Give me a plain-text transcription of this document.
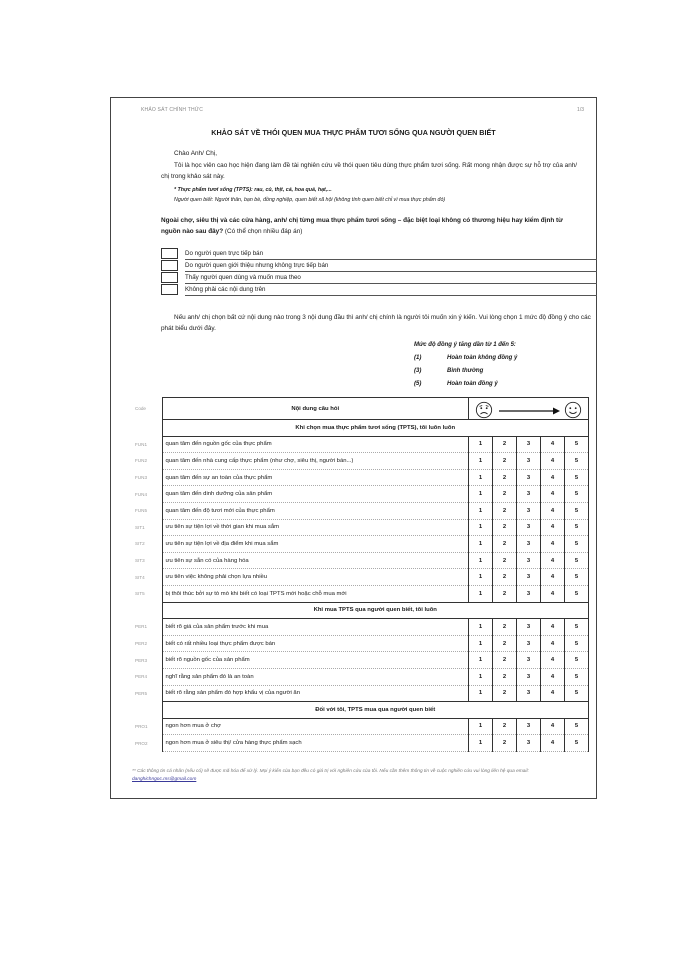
KHẢO SÁT CHÍNH THỨC	1/3
KHẢO SÁT VỀ THÓI QUEN MUA THỰC PHẨM TƯƠI SỐNG QUA NGƯỜI QUEN BIẾT
Chào Anh/ Chị,
Tôi là học viên cao học hiện đang làm đề tài nghiên cứu về thói quen tiêu dùng thực phẩm tươi sống. Rất mong nhận được sự hỗ trợ của anh/ chị trong khảo sát này.
* Thực phẩm tươi sống (TPTS): rau, củ, thịt, cá, hoa quả, hạt,...
Người quen biết: Người thân, bạn bè, đồng nghiệp, quen biết xã hội (không tính quen biết chỉ vì mua thực phẩm đó)
Ngoài chợ, siêu thị và các cửa hàng, anh/ chị từng mua thực phẩm tươi sống – đặc biệt loại không có thương hiệu hay kiểm định từ nguồn nào sau đây? (Có thể chọn nhiều đáp án)
Do người quen trực tiếp bán
Do người quen giới thiệu nhưng không trực tiếp bán
Thấy người quen dùng và muốn mua theo
Không phải các nội dung trên
Nếu anh/ chị chọn bất cứ nội dung nào trong 3 nội dung đầu thì anh/ chị chính là người tôi muốn xin ý kiến. Vui lòng chọn 1 mức độ đồng ý cho các phát biểu dưới đây.
Mức độ đồng ý tăng dần từ 1 đến 5:
(1)	Hoàn toàn không đồng ý
(3)	Bình thường
(5)	Hoàn toàn đồng ý
Code	Nội dung câu hỏi	

	Khi chọn mua thực phẩm tươi sống (TPTS), tôi luôn luôn					
FUN1	quan tâm đến nguồn gốc của thực phẩm	1	2	3	4	5
FUN2	quan tâm đến nhà cung cấp thực phẩm (như chợ, siêu thị, người bán...)	1	2	3	4	5
FUN3	quan tâm đến sự an toàn của thực phẩm	1	2	3	4	5
FUN4	quan tâm đến dinh dưỡng của sản phẩm	1	2	3	4	5
FUN5	quan tâm đến độ tươi mới của thực phẩm	1	2	3	4	5
SIT1	ưu tiên sự tiện lợi về thời gian khi mua sắm	1	2	3	4	5
SIT2	ưu tiên sự tiện lợi về địa điểm khi mua sắm	1	2	3	4	5
SIT3	ưu tiên sự sẵn có của hàng hóa	1	2	3	4	5
SIT4	ưu tiên việc không phải chọn lựa nhiều	1	2	3	4	5
SIT5	bị thôi thúc bởi sự tò mò khi biết có loại TPTS mới hoặc chỗ mua mới	1	2	3	4	5
	Khi mua TPTS qua người quen biết, tôi luôn					
PER1	biết rõ giá của sản phẩm trước khi mua	1	2	3	4	5
PER2	biết có rất nhiều loại thực phẩm được bán	1	2	3	4	5
PER3	biết rõ nguồn gốc của sản phẩm	1	2	3	4	5
PER4	nghĩ rằng sản phẩm đó là an toàn	1	2	3	4	5
PER5	biết rõ rằng sản phẩm đó hợp khẩu vị của người ăn	1	2	3	4	5
	Đối với tôi, TPTS mua qua người quen biết					
PRO1	ngon hơn mua ở chợ	1	2	3	4	5
PRO2	ngon hơn mua ở siêu thị/ cửa hàng thực phẩm sạch	1	2	3	4	5
** Các thông tin cá nhân (nếu có) sẽ được mã hóa để xử lý. Mọi ý kiến của bạn đều có giá trị với nghiên cứu của tôi. Nếu cần thêm thông tin về cuộc nghiên cứu vui lòng liên hệ qua email: danghichngoc.ms@gmail.com
